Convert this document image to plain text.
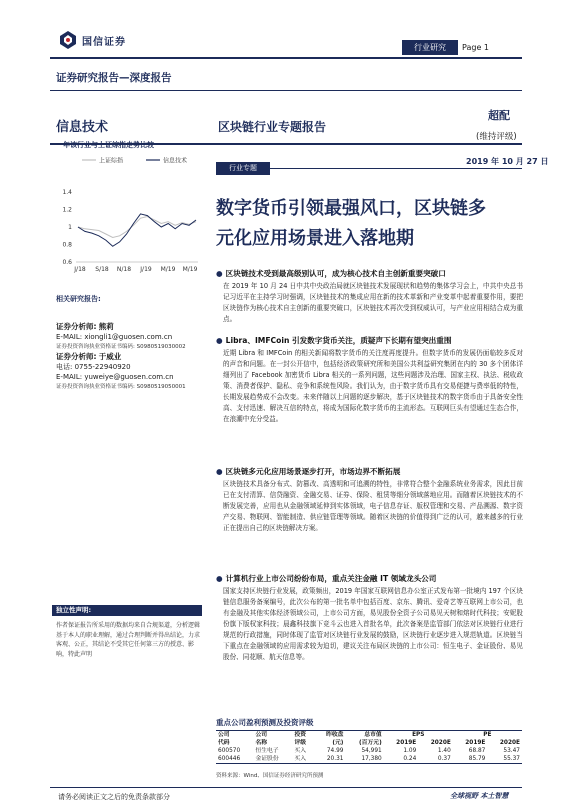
国信证券	行业研究	Page 1
证券研究报告—深度报告
信息技术	区块链行业专题报告
超配
(维持评级)
一年该行业与上证综指走势比较
上证综指	信息技术
1.4
1.2
1
0.8
0.6
J/18 S/18 N/18 J/19 M/19 M/19
相关研究报告:
证券分析师: 熊莉
E-MAIL: xiongli1@guosen.com.cn
证券投资咨询执业资格证书编码: S0980519030002
证券分析师: 于威业
电话: 0755-22940920
E-MAIL: yuweiye@guosen.com.cn
证券投资咨询执业资格证书编码: S0980519050001
独立性声明:
作者保证报告所采用的数据均来自合规渠道，分析逻辑基于本人的职业理解，通过合理判断并得出结论，力求客观、公正，其结论不受其它任何第三方的授意、影响，特此声明
行业专题
2019 年 10 月 27 日
数字货币引领最强风口，区块链多
元化应用场景进入落地期
● 区块链技术受到最高级别认可，成为核心技术自主创新重要突破口
在 2019 年 10 月 24 日中共中央政治局就区块链技术发展现状和趋势的集体学习会上，中共中央总书记习近平在主持学习时强调，区块链技术的集成应用在新的技术革新和产业变革中起着重要作用，要把区块链作为核心技术自主创新的重要突破口，区块链技术再次受到权威认可，与产业应用相结合成为重点。
● Libra、IMFCoin 引发数字货币关注，质疑声下长期有望突出重围
近期 Libra 和 IMFCoin 的相关新闻将数字货币的关注度再度提升。但数字货币的发展仍面临较多反对的声音和问题。在一封公开信中，包括经济政策研究所和美国公共利益研究集团在内的 30 多个团体详细列出了 Facebook 加密货币 Libra 相关的一系列问题，这些问题涉及治理、国家主权、执法、税收政策、消费者保护、隐私、竞争和系统性风险。我们认为，由于数字货币具有交易便捷与费率低的特性，长期发展趋势成不会改变。未来伴随以上问题的逐步解决，基于区块链技术的数字货币由于具备安全性高、支付迅速、解决互信的特点，将成为国际化数字货币的主流形态。互联网巨头有望通过生态合作，在浪潮中充分受益。
● 区块链多元化应用场景逐步打开，市场边界不断拓展
区块链技术具备分布式、防篡改、高透明和可追溯的特性，非常符合整个金融系统业务需求，因此目前已在支付清算、信贷融资、金融交易、证券、保险、租赁等细分领域落地应用。而随着区块链技术的不断发展完善，应用也从金融领域延伸到实体领域，电子信息存证、版权管理和交易、产品溯源、数字资产交易、物联网、智能制造、供应链管理等领域。随着区块链的价值得到广泛的认可，越来越多的行业正在提出自己的区块链解决方案。
● 计算机行业上市公司纷纷布局，重点关注金融 IT 领域龙头公司
国家支持区块链行业发展，政策频出，2019 年国家互联网信息办公室正式发布第一批境内 197 个区块链信息服务备案编号，此次公布的第一批名单中包括百度、京东、腾讯、爱奇艺等互联网上市公司，也有金融及其他实体经济领域公司，上市公司方面，易见股份全资子公司易见天树和熔时代科技；安妮股份旗下版权家科技；晨鑫科技旗下竞斗云也进入首批名单，此次备案是监管部门依法对区块链行业进行规范的行政措施，同时体现了监管对区块链行业发展的鼓励，区块链行业逐步进入规范轨道。区块链当下重点在金融领域的应用需求较为迫切，建议关注布局区块链的上市公司：恒生电子、金证股份、易见股份、同花顺、航天信息等。
重点公司盈利预测及投资评级
公司	公司	投资	昨收盘	总市值	EPS		PE	
代码	名称	评级	(元)	(百万元)	2019E	2020E	2019E	2020E
600570	恒生电子	买入	74.99	54,991	1.09	1.40	68.87	53.47
600446	金证股份	买入	20.31	17,380	0.24	0.37	85.79	55.37
资料来源：Wind、国信证券经济研究所预测
请务必阅读正文之后的免责条款部分	全球视野 本土智慧
